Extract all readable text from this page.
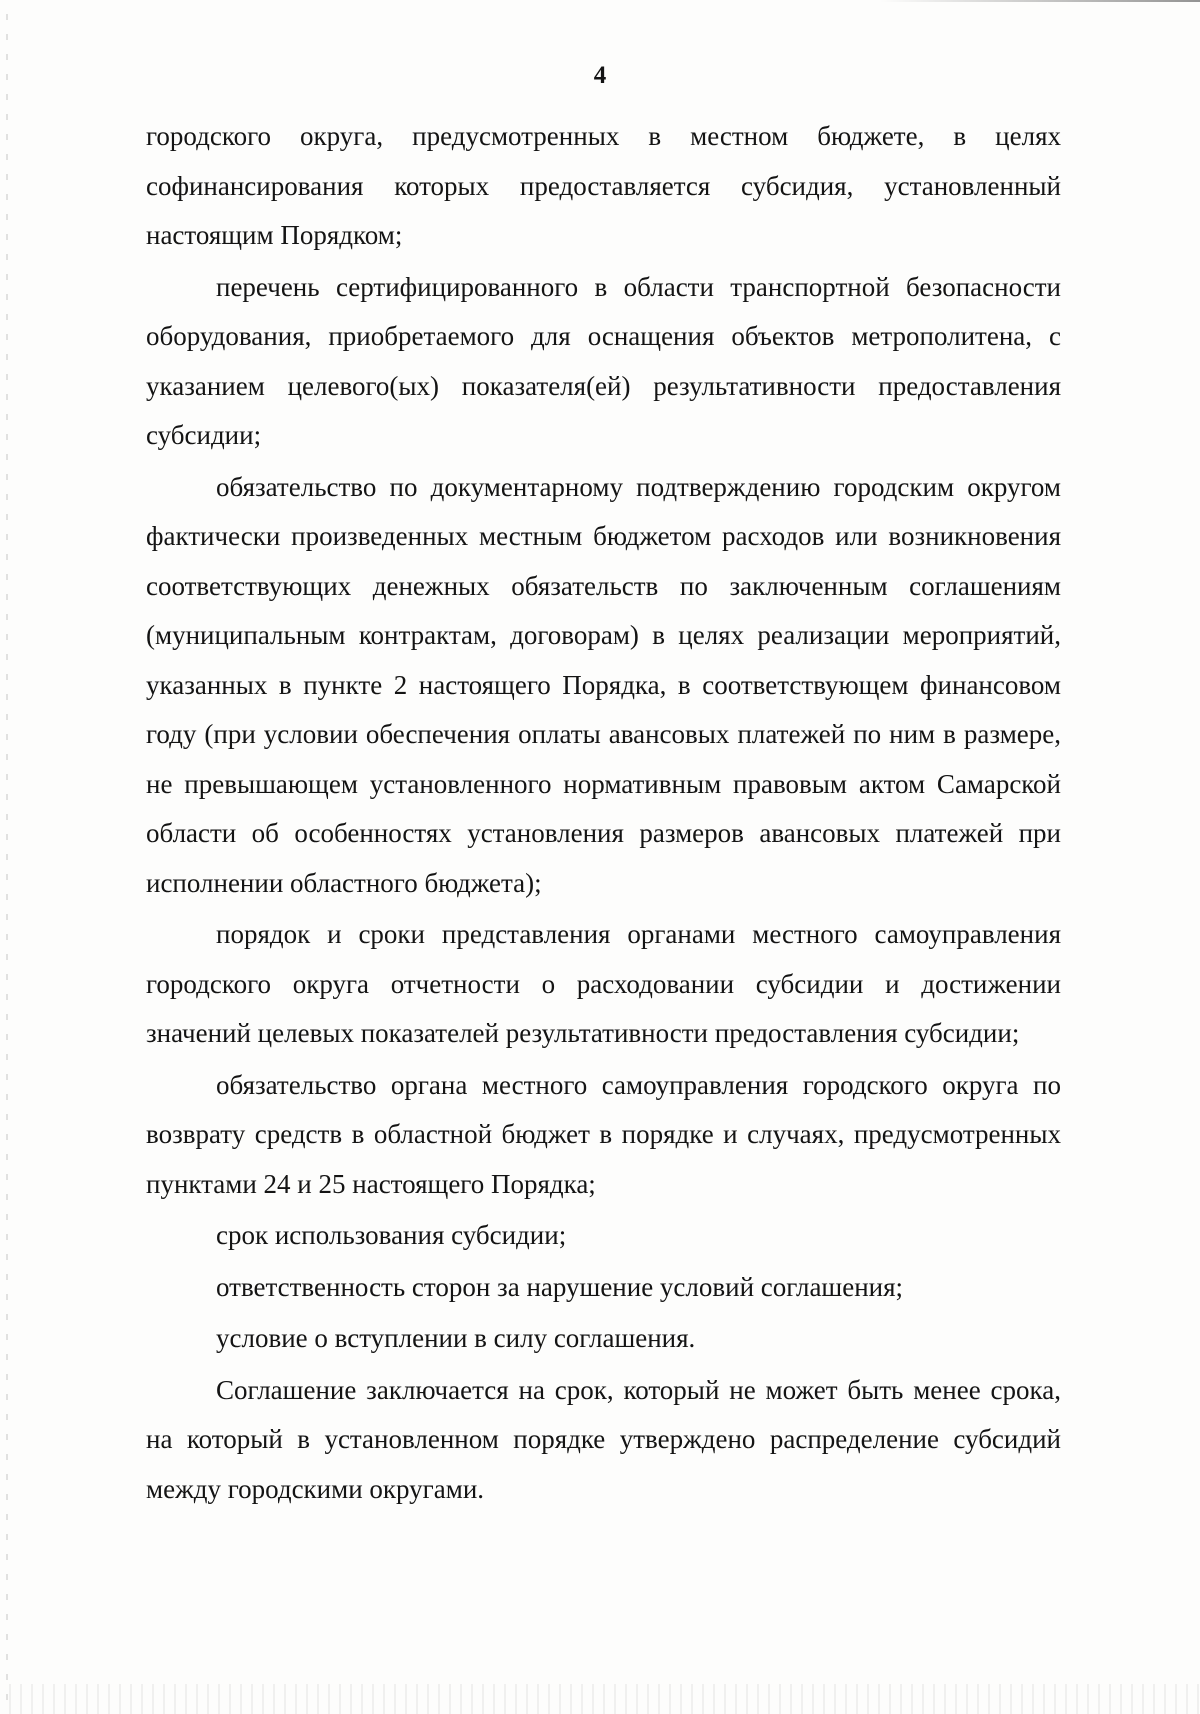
4

городского округа, предусмотренных в местном бюджете, в целях софинансирования которых предоставляется субсидия, установленный настоящим Порядком;

перечень сертифицированного в области транспортной безопасности оборудования, приобретаемого для оснащения объектов метрополитена, с указанием целевого(ых) показателя(ей) результативности предоставления субсидии;

обязательство по документарному подтверждению городским округом фактически произведенных местным бюджетом расходов или возникновения соответствующих денежных обязательств по заключенным соглашениям (муниципальным контрактам, договорам) в целях реализации мероприятий, указанных в пункте 2 настоящего Порядка, в соответствующем финансовом году (при условии обеспечения оплаты авансовых платежей по ним в размере, не превышающем установленного нормативным правовым актом Самарской области об особенностях установления размеров авансовых платежей при исполнении областного бюджета);

порядок и сроки представления органами местного самоуправления городского округа отчетности о расходовании субсидии и достижении значений целевых показателей результативности предоставления субсидии;

обязательство органа местного самоуправления городского округа по возврату средств в областной бюджет в порядке и случаях, предусмотренных пунктами 24 и 25 настоящего Порядка;

срок использования субсидии;

ответственность сторон за нарушение условий соглашения;

условие о вступлении в силу соглашения.

Соглашение заключается на срок, который не может быть менее срока, на который в установленном порядке утверждено распределение субсидий между городскими округами.
